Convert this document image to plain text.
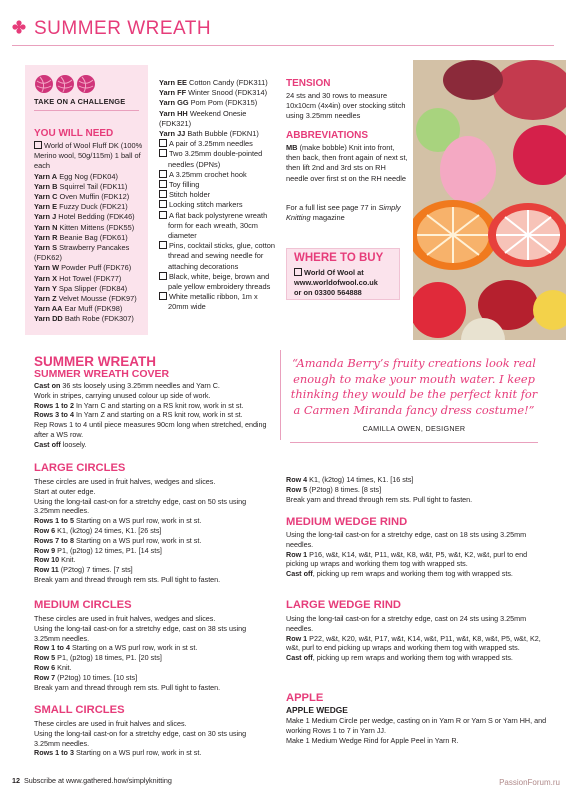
SUMMER WREATH
TAKE ON A CHALLENGE
YOU WILL NEED
World of Wool Fluff DK (100% Merino wool, 50g/115m) 1 ball of each
Yarn A Egg Nog (FDK04)
Yarn B Squirrel Tail (FDK11)
Yarn C Oven Muffin (FDK12)
Yarn E Fuzzy Duck (FDK21)
Yarn J Hotel Bedding (FDK46)
Yarn N Kitten Mittens (FDK55)
Yarn R Beanie Bag (FDK61)
Yarn S Strawberry Pancakes (FDK62)
Yarn W Powder Puff (FDK76)
Yarn X Hot Towel (FDK77)
Yarn Y Spa Slipper (FDK84)
Yarn Z Velvet Mousse (FDK97)
Yarn AA Ear Muff (FDK98)
Yarn DD Bath Robe (FDK307)
Yarn EE Cotton Candy (FDK311)
Yarn FF Winter Snood (FDK314)
Yarn GG Pom Pom (FDK315)
Yarn HH Weekend Onesie (FDK321)
Yarn JJ Bath Bubble (FDKN1)
A pair of 3.25mm needles
Two 3.25mm double-pointed needles (DPNs)
A 3.25mm crochet hook
Toy filling
Stitch holder
Locking stitch markers
A flat back polystyrene wreath form for each wreath, 30cm diameter
Pins, cocktail sticks, glue, cotton thread and sewing needle for attaching decorations
Black, white, beige, brown and pale yellow embroidery threads
White metallic ribbon, 1m x 20mm wide
TENSION
24 sts and 30 rows to measure 10x10cm (4x4in) over stocking stitch using 3.25mm needles
ABBREVIATIONS
MB (make bobble) Knit into front, then back, then front again of next st, then lift 2nd and 3rd sts on RH needle over first st on the RH needle
For a full list see page 77 in Simply Knitting magazine
WHERE TO BUY
World Of Wool at
www.worldofwool.co.uk
or on 03300 564888
SUMMER WREATH
SUMMER WREATH COVER
Cast on 36 sts loosely using 3.25mm needles and Yarn C.
Work in stripes, carrying unused colour up side of work.
Rows 1 to 2 In Yarn C and starting on a RS knit row, work in st st.
Rows 3 to 4 In Yarn Z and starting on a RS knit row, work in st st.
Rep Rows 1 to 4 until piece measures 90cm long when stretched, ending after a WS row.
Cast off loosely.
LARGE CIRCLES
These circles are used in fruit halves, wedges and slices.
Start at outer edge.
Using the long-tail cast-on for a stretchy edge, cast on 50 sts using 3.25mm needles.
Rows 1 to 5 Starting on a WS purl row, work in st st.
Row 6 K1, (k2tog) 24 times, K1. [26 sts]
Rows 7 to 8 Starting on a WS purl row, work in st st.
Row 9 P1, (p2tog) 12 times, P1. [14 sts]
Row 10 Knit.
Row 11 (P2tog) 7 times. [7 sts]
Break yarn and thread through rem sts. Pull tight to fasten.
MEDIUM CIRCLES
These circles are used in fruit halves, wedges and slices.
Using the long-tail cast-on for a stretchy edge, cast on 38 sts using 3.25mm needles.
Row 1 to 4 Starting on a WS purl row, work in st st.
Row 5 P1, (p2tog) 18 times, P1. [20 sts]
Row 6 Knit.
Row 7 (P2tog) 10 times. [10 sts]
Break yarn and thread through rem sts. Pull tight to fasten.
SMALL CIRCLES
These circles are used in fruit halves and slices.
Using the long-tail cast-on for a stretchy edge, cast on 30 sts using 3.25mm needles.
Rows 1 to 3 Starting on a WS purl row, work in st st.
“Amanda Berry’s fruity creations look real enough to make your mouth water. I keep thinking they would be the perfect knit for a Carmen Miranda fancy dress costume!”
CAMILLA OWEN, DESIGNER
Row 4 K1, (k2tog) 14 times, K1. [16 sts]
Row 5 (P2tog) 8 times. [8 sts]
Break yarn and thread through rem sts. Pull tight to fasten.
MEDIUM WEDGE RIND
Using the long-tail cast-on for a stretchy edge, cast on 18 sts using 3.25mm needles.
Row 1 P16, w&t, K14, w&t, P11, w&t, K8, w&t, P5, w&t, K2, w&t, purl to end picking up wraps and working them tog with wrapped sts.
Cast off, picking up rem wraps and working them tog with wrapped sts.
LARGE WEDGE RIND
Using the long-tail cast-on for a stretchy edge, cast on 24 sts using 3.25mm needles.
Row 1 P22, w&t, K20, w&t, P17, w&t, K14, w&t, P11, w&t, K8, w&t, P5, w&t, K2, w&t, purl to end picking up wraps and working them tog with wrapped sts.
Cast off, picking up rem wraps and working them tog with wrapped sts.
APPLE
APPLE WEDGE
Make 1 Medium Circle per wedge, casting on in Yarn R or Yarn S or Yarn HH, and working Rows 1 to 7 in Yarn JJ.
Make 1 Medium Wedge Rind for Apple Peel in Yarn R.
12 Subscribe at www.gathered.how/simplyknitting	PassionForum.ru
